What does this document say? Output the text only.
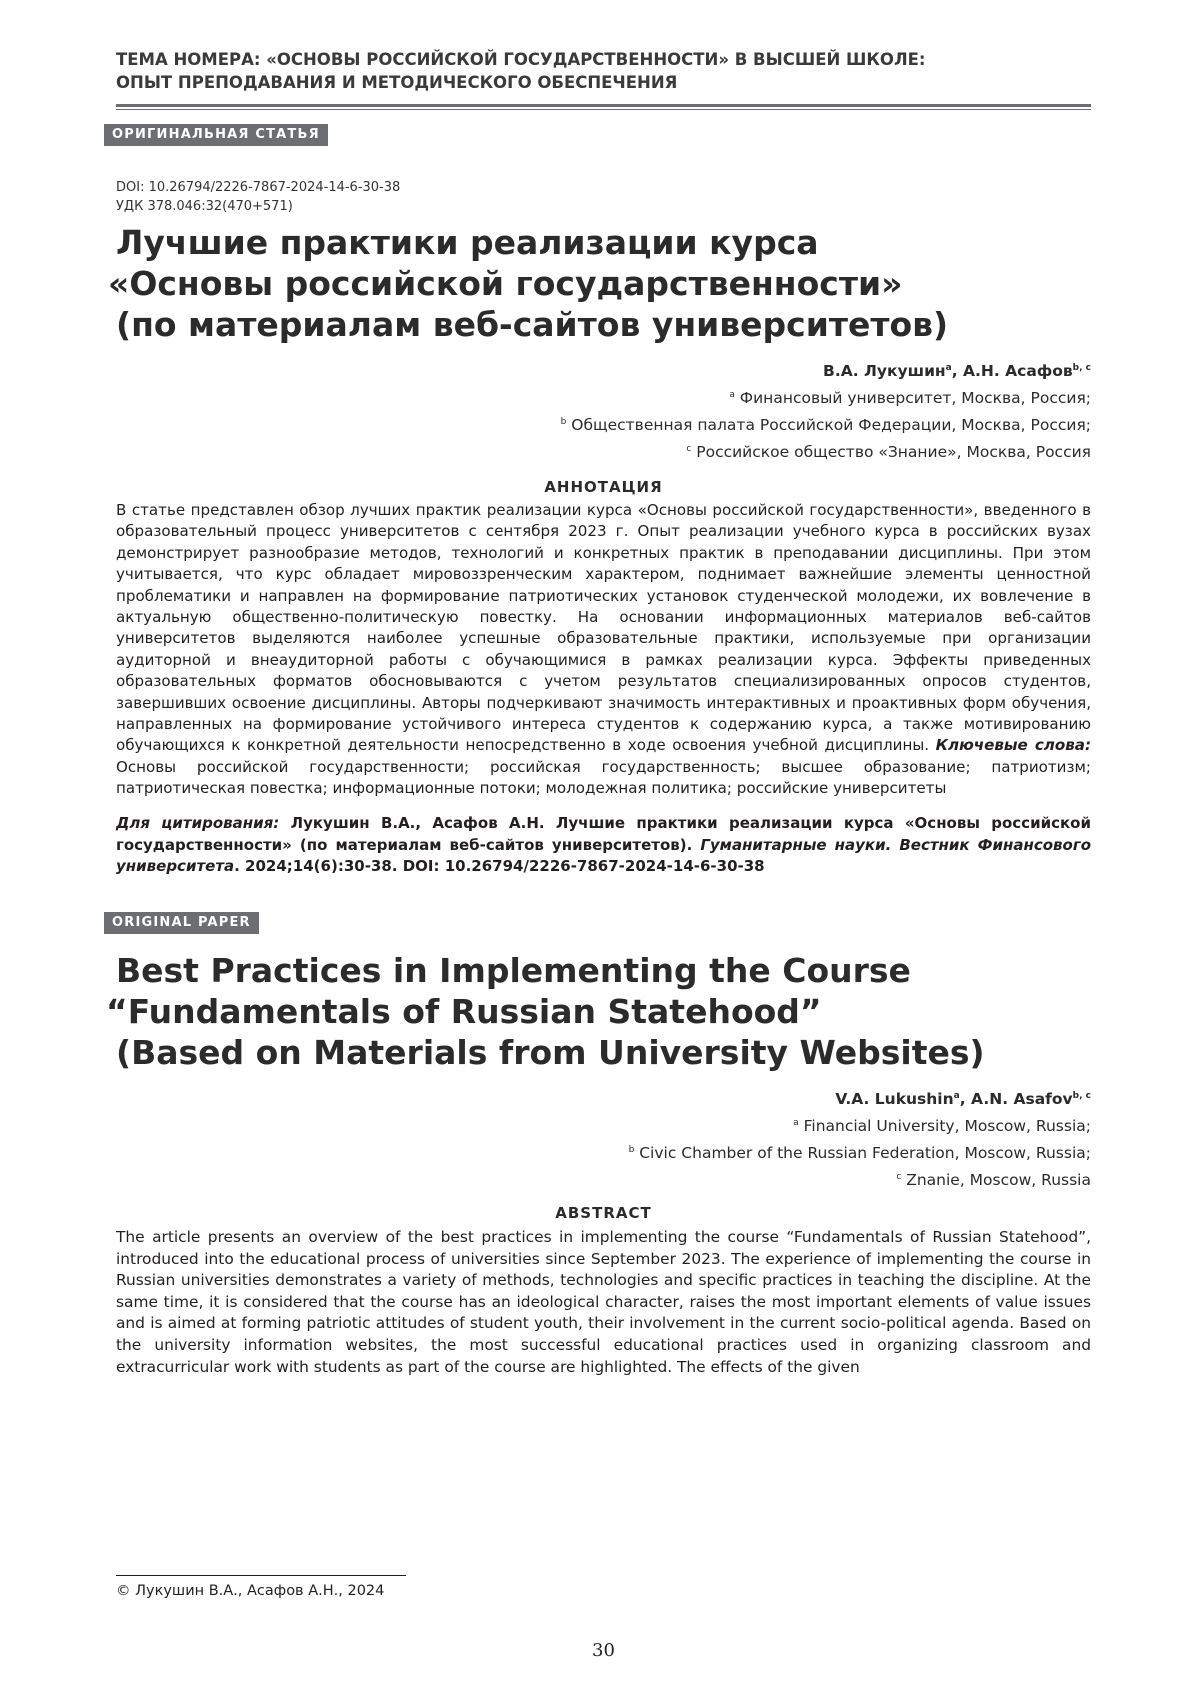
ТЕМА НОМЕРА: «ОСНОВЫ РОССИЙСКОЙ ГОСУДАРСТВЕННОСТИ» В ВЫСШЕЙ ШКОЛЕ:
ОПЫТ ПРЕПОДАВАНИЯ И МЕТОДИЧЕСКОГО ОБЕСПЕЧЕНИЯ
ОРИГИНАЛЬНАЯ СТАТЬЯ
DOI: 10.26794/2226-7867-2024-14-6-30-38
УДК 378.046:32(470+571)
Лучшие практики реализации курса
«Основы российской государственности»
(по материалам веб-сайтов университетов)
В.А. Лукушин$^a$, А.Н. Асафов$^{b, c}$
$^a$ Финансовый университет, Москва, Россия;
$^b$ Общественная палата Российской Федерации, Москва, Россия;
$^c$ Российское общество «Знание», Москва, Россия
АННОТАЦИЯ
В статье представлен обзор лучших практик реализации курса «Основы российской государственности», введенного в образовательный процесс университетов с сентября 2023 г. Опыт реализации учебного курса в российских вузах демонстрирует разнообразие методов, технологий и конкретных практик в преподавании дисциплины. При этом учитывается, что курс обладает мировоззренческим характером, поднимает важнейшие элементы ценностной проблематики и направлен на формирование патриотических установок студенческой молодежи, их вовлечение в актуальную общественно-политическую повестку. На основании информационных материалов веб-сайтов университетов выделяются наиболее успешные образовательные практики, используемые при организации аудиторной и внеаудиторной работы с обучающимися в рамках реализации курса. Эффекты приведенных образовательных форматов обосновываются с учетом результатов специализированных опросов студентов, завершивших освоение дисциплины. Авторы подчеркивают значимость интерактивных и проактивных форм обучения, направленных на формирование устойчивого интереса студентов к содержанию курса, а также мотивированию обучающихся к конкретной деятельности непосредственно в ходе освоения учебной дисциплины. Ключевые слова: Основы российской государственности; российская государственность; высшее образование; патриотизм; патриотическая повестка; информационные потоки; молодежная политика; российские университеты
Для цитирования: Лукушин В.А., Асафов А.Н. Лучшие практики реализации курса «Основы российской государственности» (по материалам веб-сайтов университетов). Гуманитарные науки. Вестник Финансового университета. 2024;14(6):30-38. DOI: 10.26794/2226-7867-2024-14-6-30-38
ORIGINAL PAPER
Best Practices in Implementing the Course
“Fundamentals of Russian Statehood”
(Based on Materials from University Websites)
V.A. Lukushin$^a$, A.N. Asafov$^{b, c}$
$^a$ Financial University, Moscow, Russia;
$^b$ Civic Chamber of the Russian Federation, Moscow, Russia;
$^c$ Znanie, Moscow, Russia
ABSTRACT
The article presents an overview of the best practices in implementing the course “Fundamentals of Russian Statehood”, introduced into the educational process of universities since September 2023. The experience of implementing the course in Russian universities demonstrates a variety of methods, technologies and specific practices in teaching the discipline. At the same time, it is considered that the course has an ideological character, raises the most important elements of value issues and is aimed at forming patriotic attitudes of student youth, their involvement in the current socio-political agenda. Based on the university information websites, the most successful educational practices used in organizing classroom and extracurricular work with students as part of the course are highlighted. The effects of the given
© Лукушин В.А., Асафов А.Н., 2024
30
